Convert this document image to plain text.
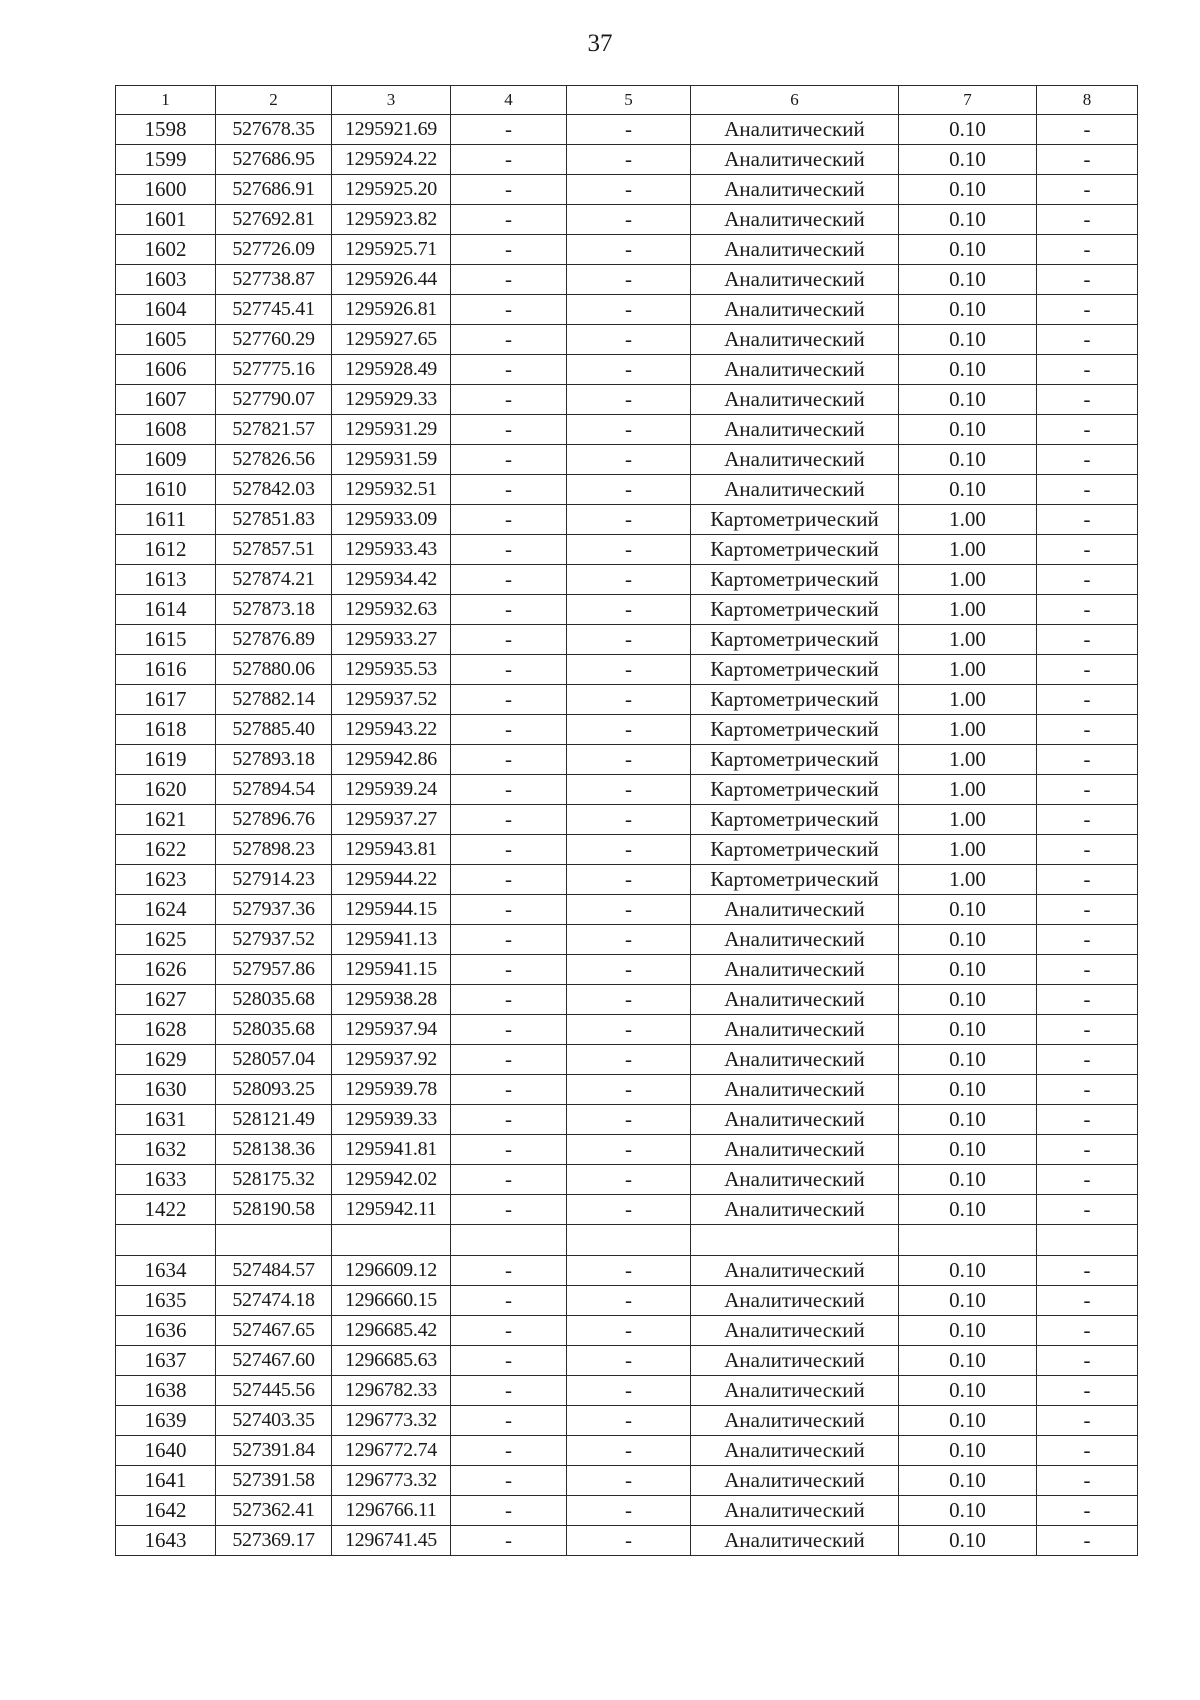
37
1	2	3	4	5	6	7	8
1598	527678.35	1295921.69	-	-	Аналитический	0.10	-
1599	527686.95	1295924.22	-	-	Аналитический	0.10	-
1600	527686.91	1295925.20	-	-	Аналитический	0.10	-
1601	527692.81	1295923.82	-	-	Аналитический	0.10	-
1602	527726.09	1295925.71	-	-	Аналитический	0.10	-
1603	527738.87	1295926.44	-	-	Аналитический	0.10	-
1604	527745.41	1295926.81	-	-	Аналитический	0.10	-
1605	527760.29	1295927.65	-	-	Аналитический	0.10	-
1606	527775.16	1295928.49	-	-	Аналитический	0.10	-
1607	527790.07	1295929.33	-	-	Аналитический	0.10	-
1608	527821.57	1295931.29	-	-	Аналитический	0.10	-
1609	527826.56	1295931.59	-	-	Аналитический	0.10	-
1610	527842.03	1295932.51	-	-	Аналитический	0.10	-
1611	527851.83	1295933.09	-	-	Картометрический	1.00	-
1612	527857.51	1295933.43	-	-	Картометрический	1.00	-
1613	527874.21	1295934.42	-	-	Картометрический	1.00	-
1614	527873.18	1295932.63	-	-	Картометрический	1.00	-
1615	527876.89	1295933.27	-	-	Картометрический	1.00	-
1616	527880.06	1295935.53	-	-	Картометрический	1.00	-
1617	527882.14	1295937.52	-	-	Картометрический	1.00	-
1618	527885.40	1295943.22	-	-	Картометрический	1.00	-
1619	527893.18	1295942.86	-	-	Картометрический	1.00	-
1620	527894.54	1295939.24	-	-	Картометрический	1.00	-
1621	527896.76	1295937.27	-	-	Картометрический	1.00	-
1622	527898.23	1295943.81	-	-	Картометрический	1.00	-
1623	527914.23	1295944.22	-	-	Картометрический	1.00	-
1624	527937.36	1295944.15	-	-	Аналитический	0.10	-
1625	527937.52	1295941.13	-	-	Аналитический	0.10	-
1626	527957.86	1295941.15	-	-	Аналитический	0.10	-
1627	528035.68	1295938.28	-	-	Аналитический	0.10	-
1628	528035.68	1295937.94	-	-	Аналитический	0.10	-
1629	528057.04	1295937.92	-	-	Аналитический	0.10	-
1630	528093.25	1295939.78	-	-	Аналитический	0.10	-
1631	528121.49	1295939.33	-	-	Аналитический	0.10	-
1632	528138.36	1295941.81	-	-	Аналитический	0.10	-
1633	528175.32	1295942.02	-	-	Аналитический	0.10	-
1422	528190.58	1295942.11	-	-	Аналитический	0.10	-

1634	527484.57	1296609.12	-	-	Аналитический	0.10	-
1635	527474.18	1296660.15	-	-	Аналитический	0.10	-
1636	527467.65	1296685.42	-	-	Аналитический	0.10	-
1637	527467.60	1296685.63	-	-	Аналитический	0.10	-
1638	527445.56	1296782.33	-	-	Аналитический	0.10	-
1639	527403.35	1296773.32	-	-	Аналитический	0.10	-
1640	527391.84	1296772.74	-	-	Аналитический	0.10	-
1641	527391.58	1296773.32	-	-	Аналитический	0.10	-
1642	527362.41	1296766.11	-	-	Аналитический	0.10	-
1643	527369.17	1296741.45	-	-	Аналитический	0.10	-
